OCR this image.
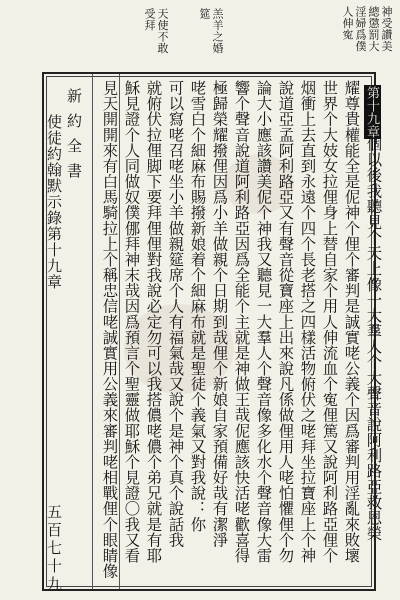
神受讚美
總懲罰大
淫婦爲僕
人伸寃
羔羊之婚
筵
天使不敢
受拜
第十九章
個以後我聽見个天上像一大羣人个大聲音說阿利路亞救恩榮
耀尊貴權能全是伲神个俚个審判是誠實咾公義个因爲審判用淫亂來敗壞
世界个大妓女拉俚身上替自家个用人伸流血个寃俚篤又說阿利路亞俚个
烟衝上去直到永遠个四个長老搭之四樣活物俯伏之咾拜坐拉寶座上个神
說道亞孟阿利路亞又有聲音從寶座上出來說凡係做俚用人咾怕懼俚个勿
論大小應該讚美伲个神我又聽見一大羣人个聲音像多化水个聲音像大雷
響个聲音說道阿利路亞因爲全能个主就是神做王哉伲應該快活咾歡喜得
極歸榮耀撥俚因爲小羊做親个日期到哉俚个新娘自家預備好哉有潔淨
咾雪白个細麻布賜撥新娘着个細麻布就是聖徒个義氣又對我說：你
可以寫咾召咾坐小羊做親筵席个人有福氣哉又說个是神个真个說話我
就俯伏拉俚脚下要拜俚俚對我說必定勿可以我搭儂咾儂个弟兄就是有耶
穌見證个人同做奴僕㑚拜神末哉因爲預言个聖靈做耶穌个見證〇我又看
見天開開來有白馬騎拉上个稱忠信咾誠實用公義來審判咾相戰俚个眼睛像
新約全書
使徒約翰默示錄第十九章
五百七十九
